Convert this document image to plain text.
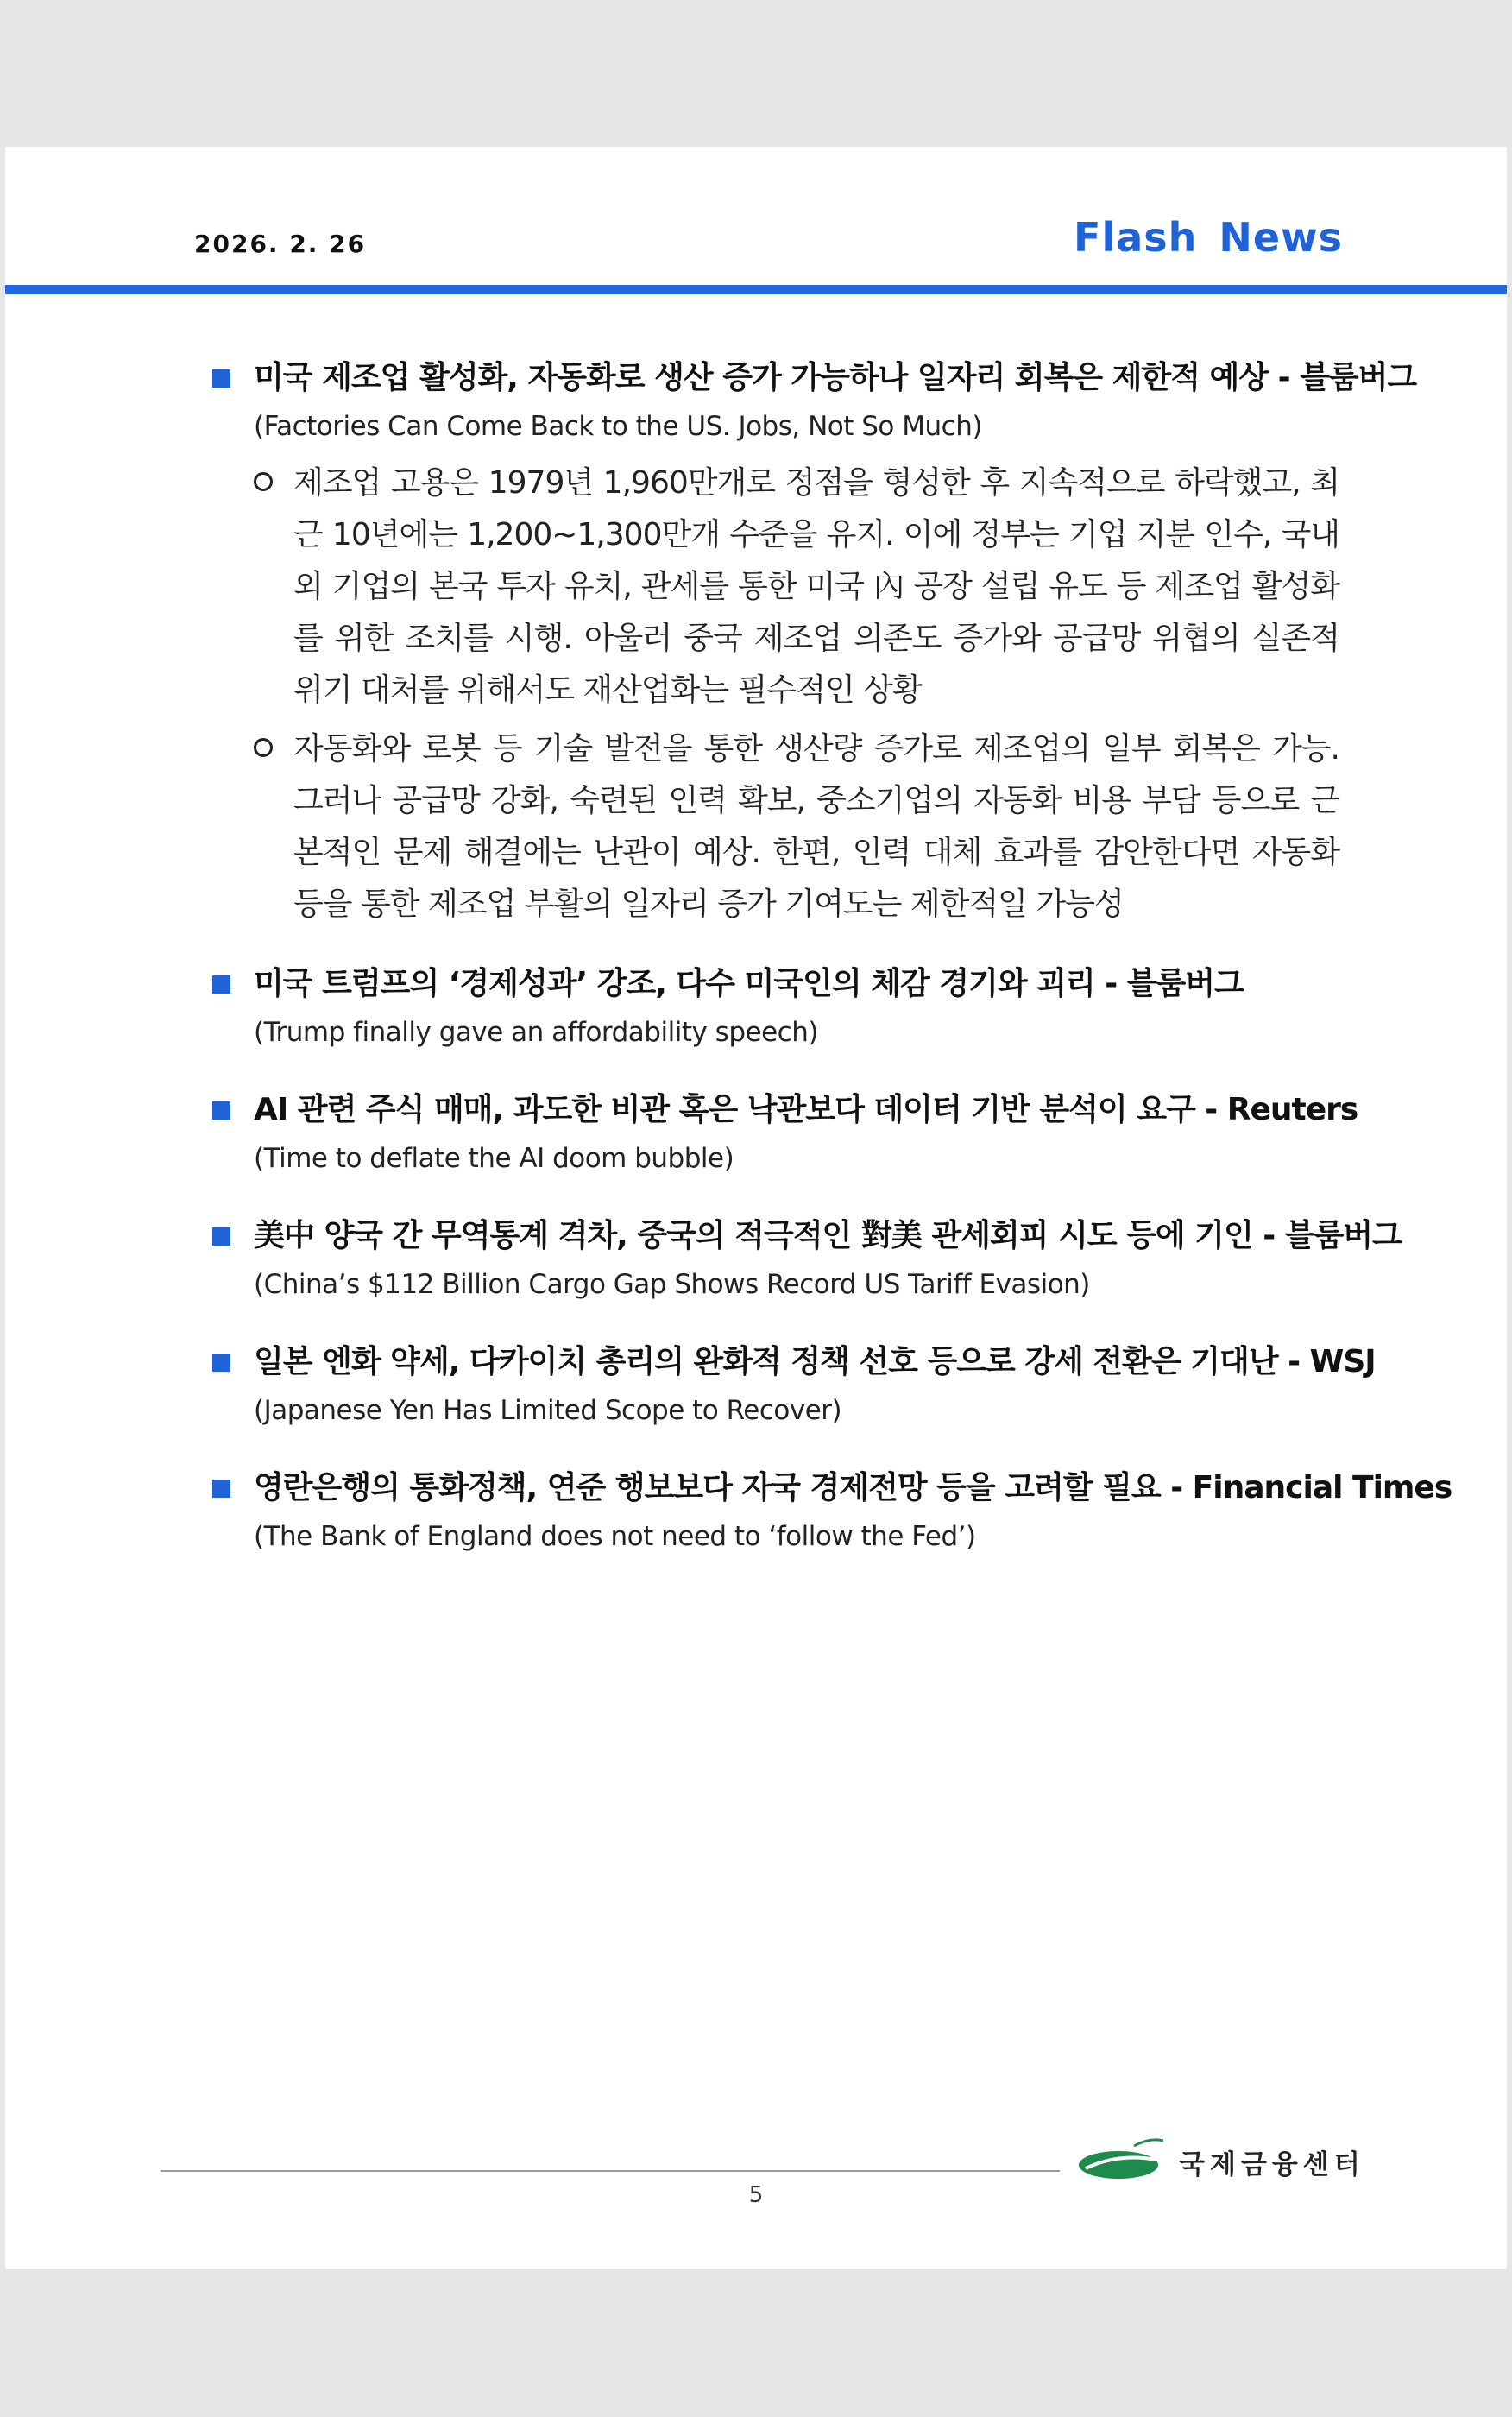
2026. 2. 26	Flash News
미국 제조업 활성화, 자동화로 생산 증가 가능하나 일자리 회복은 제한적 예상 - 블룸버그
(Factories Can Come Back to the US. Jobs, Not So Much)
제조업 고용은 1979년 1,960만개로 정점을 형성한 후 지속적으로 하락했고, 최근 10년에는 1,200~1,300만개 수준을 유지. 이에 정부는 기업 지분 인수, 국내외 기업의 본국 투자 유치, 관세를 통한 미국 內 공장 설립 유도 등 제조업 활성화를 위한 조치를 시행. 아울러 중국 제조업 의존도 증가와 공급망 위협의 실존적 위기 대처를 위해서도 재산업화는 필수적인 상황
자동화와 로봇 등 기술 발전을 통한 생산량 증가로 제조업의 일부 회복은 가능. 그러나 공급망 강화, 숙련된 인력 확보, 중소기업의 자동화 비용 부담 등으로 근본적인 문제 해결에는 난관이 예상. 한편, 인력 대체 효과를 감안한다면 자동화 등을 통한 제조업 부활의 일자리 증가 기여도는 제한적일 가능성
미국 트럼프의 ‘경제성과’ 강조, 다수 미국인의 체감 경기와 괴리 - 블룸버그
(Trump finally gave an affordability speech)
AI 관련 주식 매매, 과도한 비관 혹은 낙관보다 데이터 기반 분석이 요구 - Reuters
(Time to deflate the AI doom bubble)
美中 양국 간 무역통계 격차, 중국의 적극적인 對美 관세회피 시도 등에 기인 - 블룸버그
(China’s $112 Billion Cargo Gap Shows Record US Tariff Evasion)
일본 엔화 약세, 다카이치 총리의 완화적 정책 선호 등으로 강세 전환은 기대난 - WSJ
(Japanese Yen Has Limited Scope to Recover)
영란은행의 통화정책, 연준 행보보다 자국 경제전망 등을 고려할 필요 - Financial Times
(The Bank of England does not need to ‘follow the Fed’)
5
국제금융센터
